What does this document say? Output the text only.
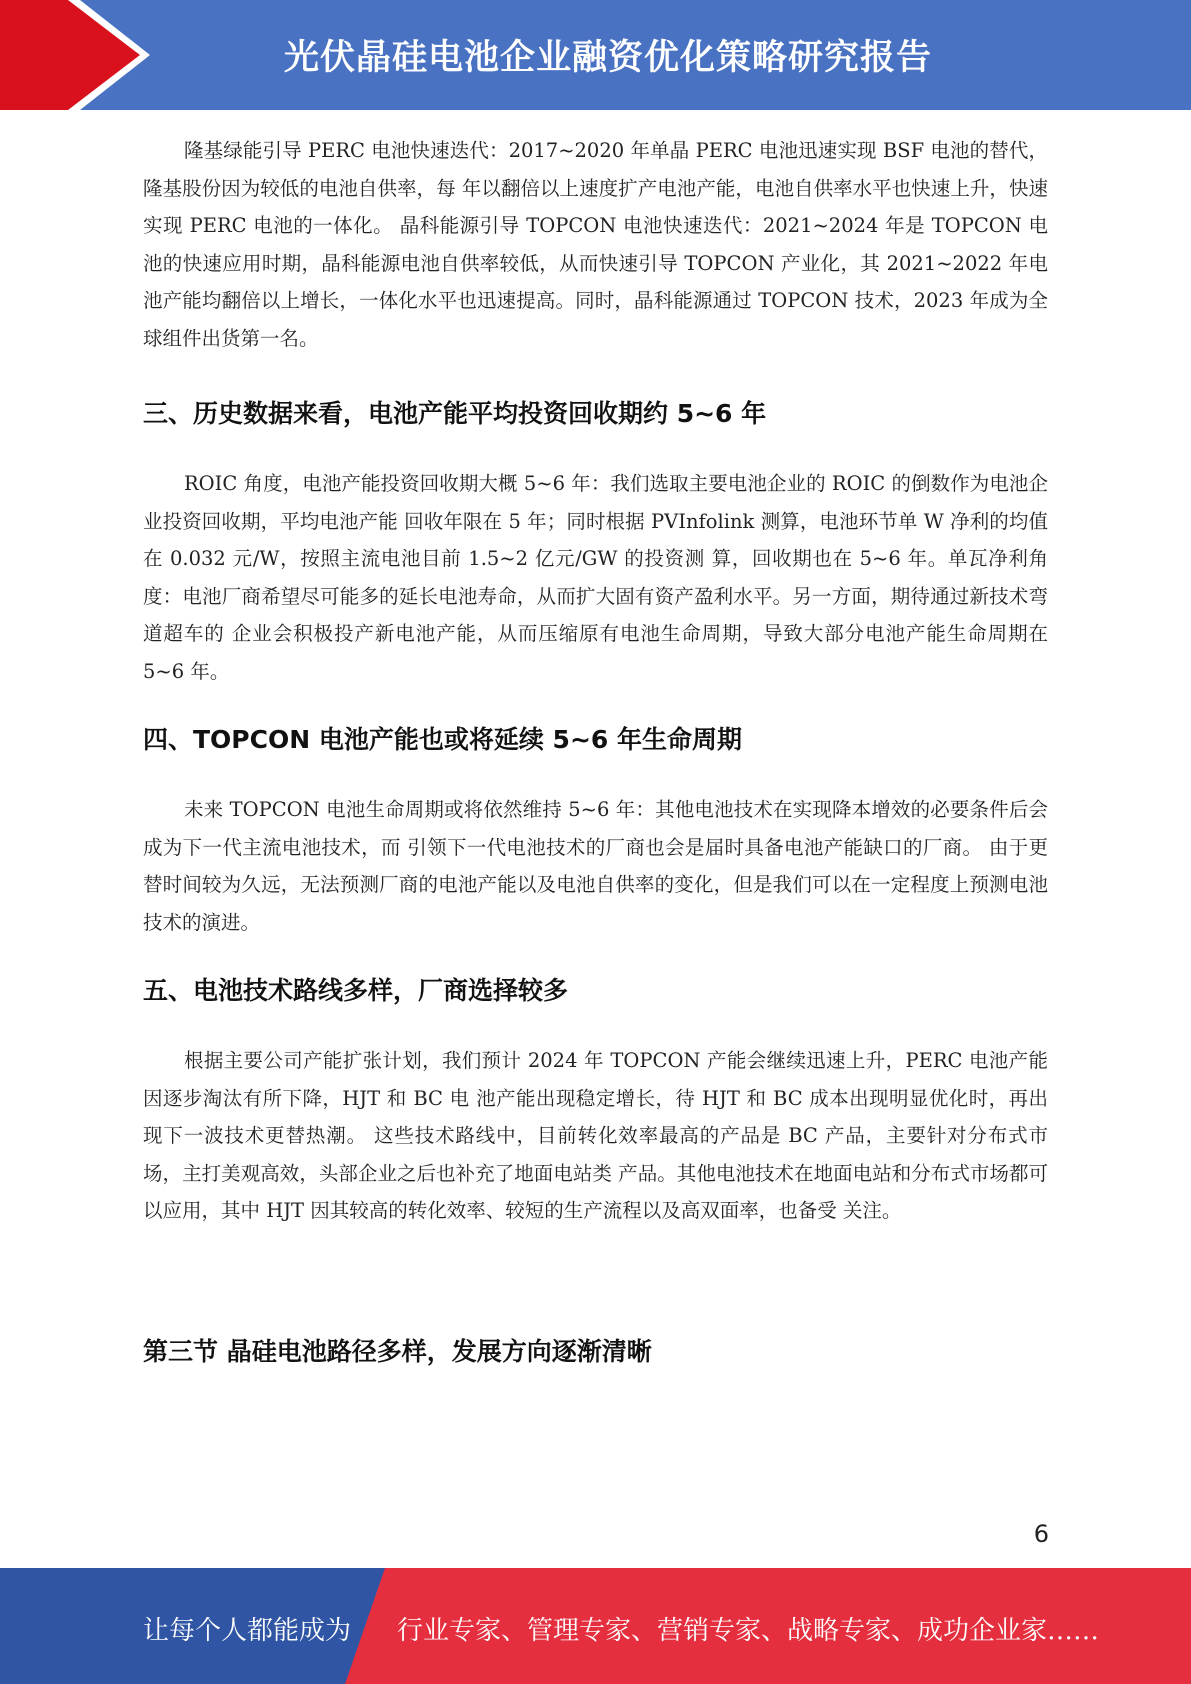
光伏晶硅电池企业融资优化策略研究报告

隆基绿能引导 PERC 电池快速迭代：2017~2020 年单晶 PERC 电池迅速实现 BSF 电池的替代，隆基股份因为较低的电池自供率，每 年以翻倍以上速度扩产电池产能，电池自供率水平也快速上升，快速实现 PERC 电池的一体化。 晶科能源引导 TOPCON 电池快速迭代：2021~2024 年是 TOPCON 电池的快速应用时期，晶科能源电池自供率较低，从而快速引导 TOPCON 产业化，其 2021~2022 年电池产能均翻倍以上增长，一体化水平也迅速提高。同时，晶科能源通过 TOPCON 技术，2023 年成为全球组件出货第一名。

三、历史数据来看，电池产能平均投资回收期约 5~6 年

ROIC 角度，电池产能投资回收期大概 5~6 年：我们选取主要电池企业的 ROIC 的倒数作为电池企业投资回收期，平均电池产能 回收年限在 5 年；同时根据 PVInfolink 测算，电池环节单 W 净利的均值在 0.032 元/W，按照主流电池目前 1.5~2 亿元/GW 的投资测 算，回收期也在 5~6 年。单瓦净利角度：电池厂商希望尽可能多的延长电池寿命，从而扩大固有资产盈利水平。另一方面，期待通过新技术弯道超车的 企业会积极投产新电池产能，从而压缩原有电池生命周期，导致大部分电池产能生命周期在 5~6 年。

四、TOPCON 电池产能也或将延续 5~6 年生命周期

未来 TOPCON 电池生命周期或将依然维持 5~6 年：其他电池技术在实现降本增效的必要条件后会成为下一代主流电池技术，而 引领下一代电池技术的厂商也会是届时具备电池产能缺口的厂商。 由于更替时间较为久远，无法预测厂商的电池产能以及电池自供率的变化，但是我们可以在一定程度上预测电池技术的演进。

五、电池技术路线多样，厂商选择较多

根据主要公司产能扩张计划，我们预计 2024 年 TOPCON 产能会继续迅速上升，PERC 电池产能因逐步淘汰有所下降，HJT 和 BC 电 池产能出现稳定增长，待 HJT 和 BC 成本出现明显优化时，再出现下一波技术更替热潮。 这些技术路线中，目前转化效率最高的产品是 BC 产品，主要针对分布式市场，主打美观高效，头部企业之后也补充了地面电站类 产品。其他电池技术在地面电站和分布式市场都可以应用，其中 HJT 因其较高的转化效率、较短的生产流程以及高双面率，也备受 关注。

第三节 晶硅电池路径多样，发展方向逐渐清晰
6
让每个人都能成为 行业专家、管理专家、营销专家、战略专家、成功企业家……
